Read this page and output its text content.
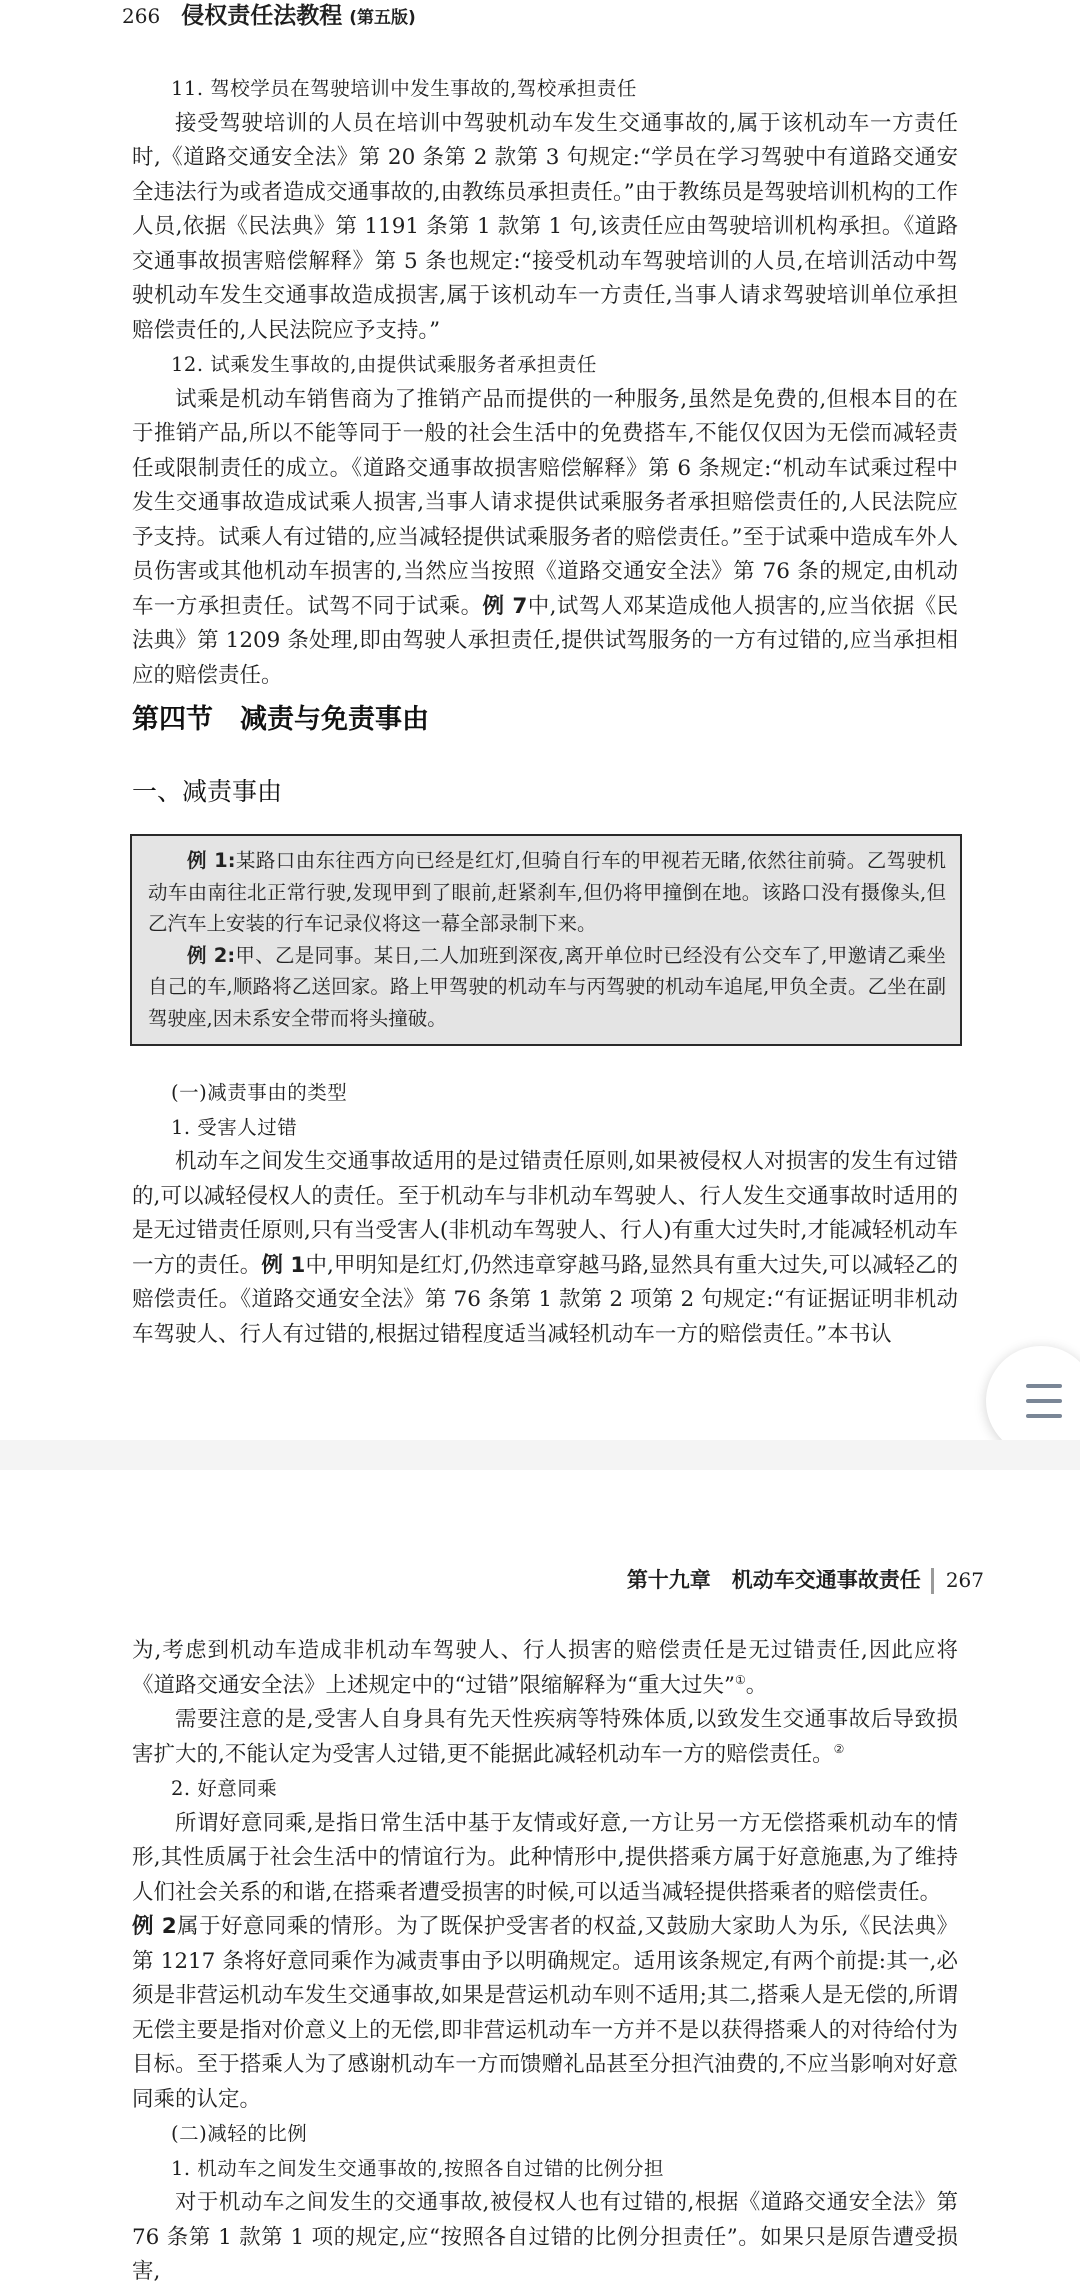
266 侵权责任法教程 (第五版)

11. 驾校学员在驾驶培训中发生事故的,驾校承担责任

接受驾驶培训的人员在培训中驾驶机动车发生交通事故的,属于该机动车一方责任时,《道路交通安全法》第 20 条第 2 款第 3 句规定:“学员在学习驾驶中有道路交通安全违法行为或者造成交通事故的,由教练员承担责任。”由于教练员是驾驶培训机构的工作人员,依据《民法典》第 1191 条第 1 款第 1 句,该责任应由驾驶培训机构承担。《道路交通事故损害赔偿解释》第 5 条也规定:“接受机动车驾驶培训的人员,在培训活动中驾驶机动车发生交通事故造成损害,属于该机动车一方责任,当事人请求驾驶培训单位承担赔偿责任的,人民法院应予支持。”

12. 试乘发生事故的,由提供试乘服务者承担责任

试乘是机动车销售商为了推销产品而提供的一种服务,虽然是免费的,但根本目的在于推销产品,所以不能等同于一般的社会生活中的免费搭车,不能仅仅因为无偿而减轻责任或限制责任的成立。《道路交通事故损害赔偿解释》第 6 条规定:“机动车试乘过程中发生交通事故造成试乘人损害,当事人请求提供试乘服务者承担赔偿责任的,人民法院应予支持。试乘人有过错的,应当减轻提供试乘服务者的赔偿责任。”至于试乘中造成车外人员伤害或其他机动车损害的,当然应当按照《道路交通安全法》第 76 条的规定,由机动车一方承担责任。试驾不同于试乘。例 7中,试驾人邓某造成他人损害的,应当依据《民法典》第 1209 条处理,即由驾驶人承担责任,提供试驾服务的一方有过错的,应当承担相应的赔偿责任。

第四节　减责与免责事由
一、减责事由

例 1:某路口由东往西方向已经是红灯,但骑自行车的甲视若无睹,依然往前骑。乙驾驶机动车由南往北正常行驶,发现甲到了眼前,赶紧刹车,但仍将甲撞倒在地。该路口没有摄像头,但乙汽车上安装的行车记录仪将这一幕全部录制下来。

例 2:甲、乙是同事。某日,二人加班到深夜,离开单位时已经没有公交车了,甲邀请乙乘坐自己的车,顺路将乙送回家。路上甲驾驶的机动车与丙驾驶的机动车追尾,甲负全责。乙坐在副驾驶座,因未系安全带而将头撞破。

(一)减责事由的类型

1. 受害人过错

机动车之间发生交通事故适用的是过错责任原则,如果被侵权人对损害的发生有过错的,可以减轻侵权人的责任。至于机动车与非机动车驾驶人、行人发生交通事故时适用的是无过错责任原则,只有当受害人(非机动车驾驶人、行人)有重大过失时,才能减轻机动车一方的责任。例 1中,甲明知是红灯,仍然违章穿越马路,显然具有重大过失,可以减轻乙的赔偿责任。《道路交通安全法》第 76 条第 1 款第 2 项第 2 句规定:“有证据证明非机动车驾驶人、行人有过错的,根据过错程度适当减轻机动车一方的赔偿责任。”本书认

第十九章　机动车交通事故责任 267

为,考虑到机动车造成非机动车驾驶人、行人损害的赔偿责任是无过错责任,因此应将《道路交通安全法》上述规定中的“过错”限缩解释为“重大过失”①。

需要注意的是,受害人自身具有先天性疾病等特殊体质,以致发生交通事故后导致损害扩大的,不能认定为受害人过错,更不能据此减轻机动车一方的赔偿责任。②

2. 好意同乘

所谓好意同乘,是指日常生活中基于友情或好意,一方让另一方无偿搭乘机动车的情形,其性质属于社会生活中的情谊行为。此种情形中,提供搭乘方属于好意施惠,为了维持人们社会关系的和谐,在搭乘者遭受损害的时候,可以适当减轻提供搭乘者的赔偿责任。

例 2属于好意同乘的情形。为了既保护受害者的权益,又鼓励大家助人为乐,《民法典》第 1217 条将好意同乘作为减责事由予以明确规定。适用该条规定,有两个前提:其一,必须是非营运机动车发生交通事故,如果是营运机动车则不适用;其二,搭乘人是无偿的,所谓无偿主要是指对价意义上的无偿,即非营运机动车一方并不是以获得搭乘人的对待给付为目标。至于搭乘人为了感谢机动车一方而馈赠礼品甚至分担汽油费的,不应当影响对好意同乘的认定。

(二)减轻的比例

1. 机动车之间发生交通事故的,按照各自过错的比例分担

对于机动车之间发生的交通事故,被侵权人也有过错的,根据《道路交通安全法》第 76 条第 1 款第 1 项的规定,应“按照各自过错的比例分担责任”。如果只是原告遭受损害,
